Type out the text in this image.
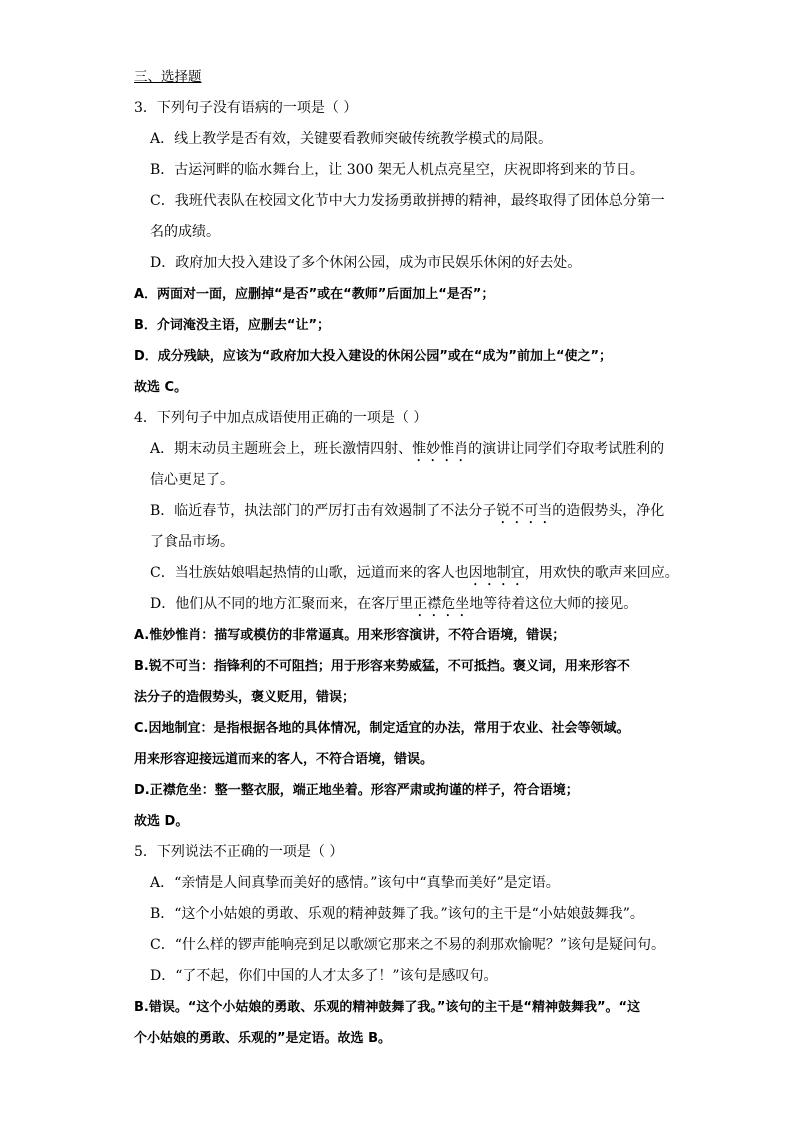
三、选择题
3．下列句子没有语病的一项是（ ）
A．线上教学是否有效，关键要看教师突破传统教学模式的局限。
B．古运河畔的临水舞台上，让 300 架无人机点亮星空，庆祝即将到来的节日。
C．我班代表队在校园文化节中大力发扬勇敢拼搏的精神，最终取得了团体总分第一
名的成绩。
D．政府加大投入建设了多个休闲公园，成为市民娱乐休闲的好去处。
A．两面对一面，应删掉“是否”或在“教师”后面加上“是否”；
B．介词淹没主语，应删去“让”；
D．成分残缺，应该为“政府加大投入建设的休闲公园”或在“成为”前加上“使之”；
故选 C。
4．下列句子中加点成语使用正确的一项是（ ）
A．期末动员主题班会上，班长激情四射、惟妙惟肖的演讲让同学们夺取考试胜利的
信心更足了。
B．临近春节，执法部门的严厉打击有效遏制了不法分子锐不可当的造假势头，净化
了食品市场。
C．当壮族姑娘唱起热情的山歌，远道而来的客人也因地制宜，用欢快的歌声来回应。
D．他们从不同的地方汇聚而来，在客厅里正襟危坐地等待着这位大师的接见。
A.惟妙惟肖：描写或模仿的非常逼真。用来形容演讲，不符合语境，错误；
B.锐不可当：指锋利的不可阻挡；用于形容来势威猛，不可抵挡。褒义词，用来形容不
法分子的造假势头，褒义贬用，错误；
C.因地制宜：是指根据各地的具体情况，制定适宜的办法，常用于农业、社会等领域。
用来形容迎接远道而来的客人，不符合语境，错误。
D.正襟危坐：整一整衣服，端正地坐着。形容严肃或拘谨的样子，符合语境；
故选 D。
5．下列说法不正确的一项是（ ）
A．“亲情是人间真挚而美好的感情。”该句中“真挚而美好”是定语。
B．“这个小姑娘的勇敢、乐观的精神鼓舞了我。”该句的主干是“小姑娘鼓舞我”。
C．“什么样的锣声能响亮到足以歌颂它那来之不易的刹那欢愉呢？”该句是疑问句。
D．“了不起，你们中国的人才太多了！”该句是感叹句。
B.错误。“这个小姑娘的勇敢、乐观的精神鼓舞了我。”该句的主干是“精神鼓舞我”。“这
个小姑娘的勇敢、乐观的”是定语。故选 B。
